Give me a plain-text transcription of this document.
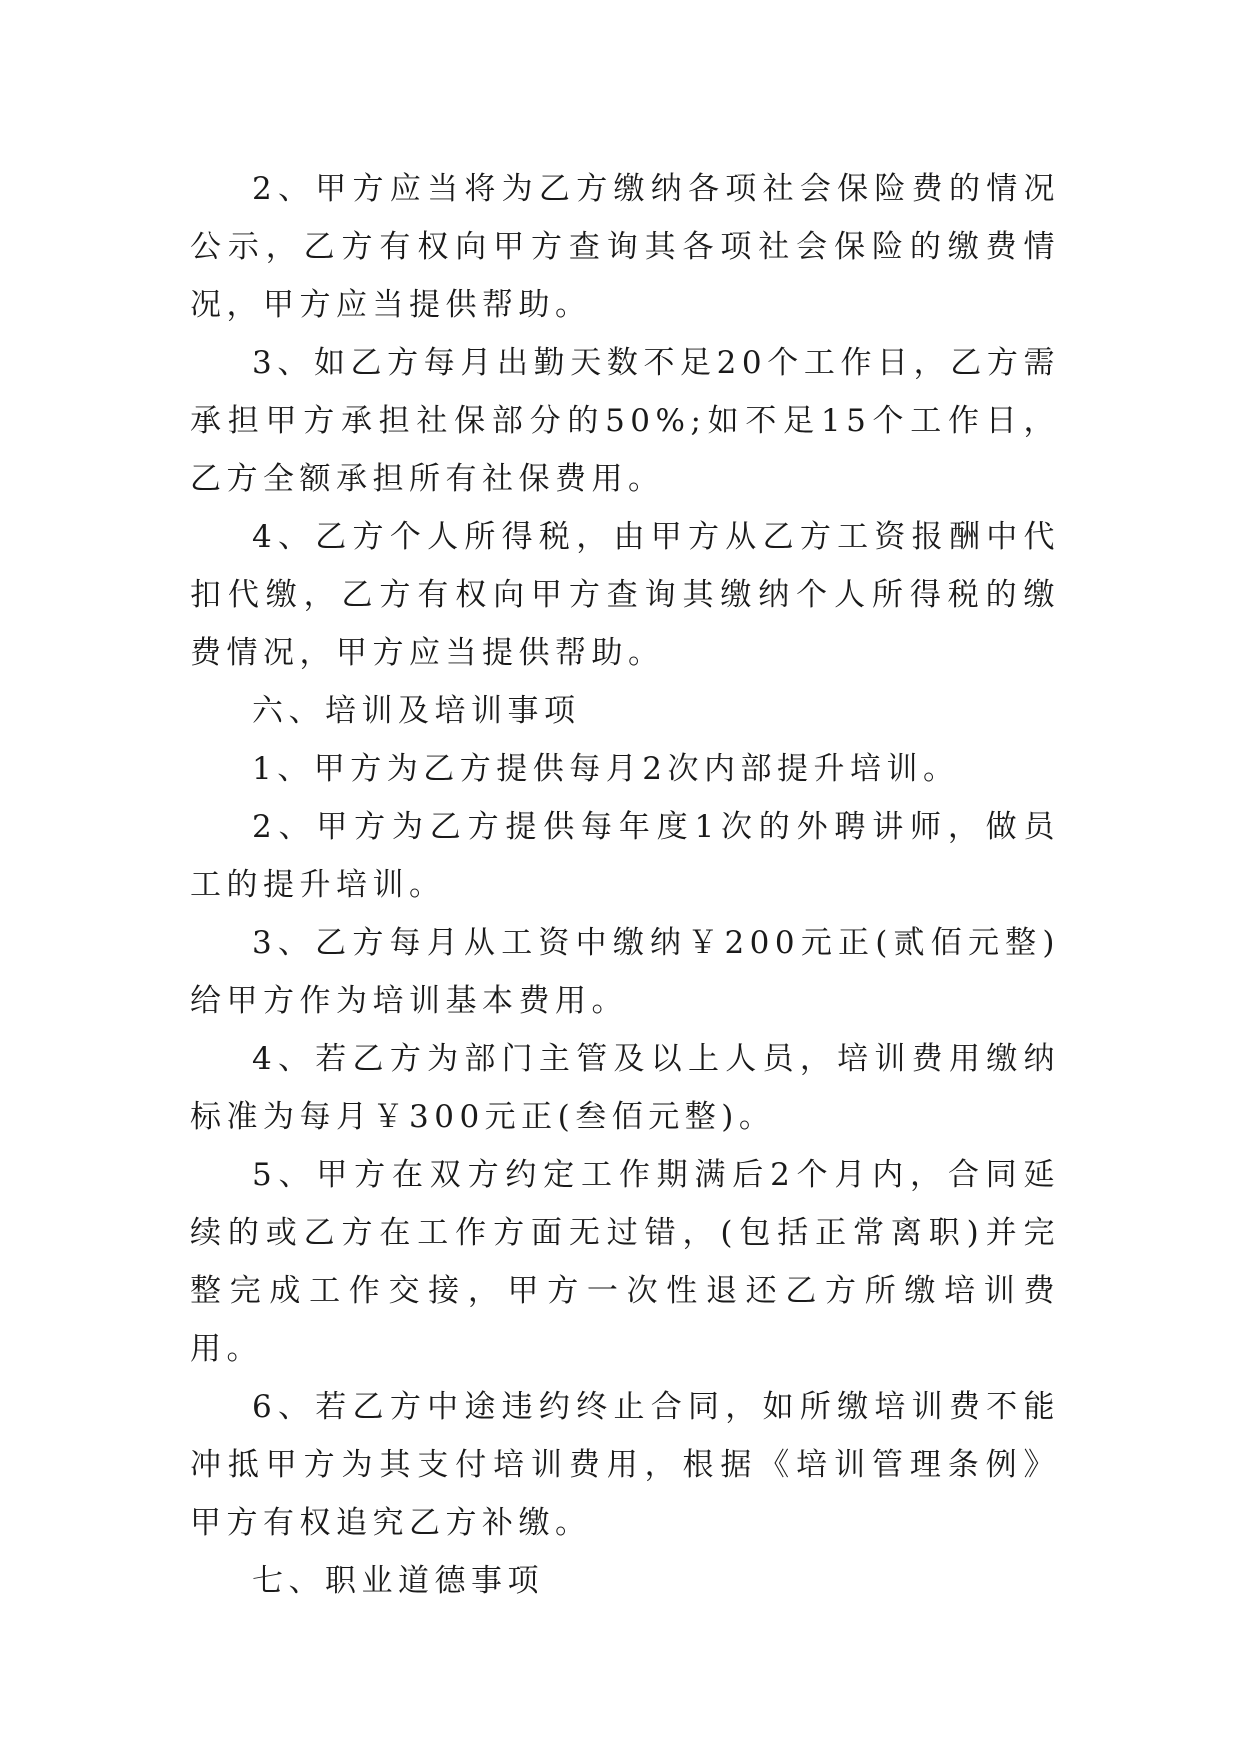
2、甲方应当将为乙方缴纳各项社会保险费的情况公示，乙方有权向甲方查询其各项社会保险的缴费情况，甲方应当提供帮助。

3、如乙方每月出勤天数不足20个工作日，乙方需承担甲方承担社保部分的50%;如不足15个工作日，乙方全额承担所有社保费用。

4、乙方个人所得税，由甲方从乙方工资报酬中代扣代缴，乙方有权向甲方查询其缴纳个人所得税的缴费情况，甲方应当提供帮助。

六、培训及培训事项

1、甲方为乙方提供每月2次内部提升培训。

2、甲方为乙方提供每年度1次的外聘讲师，做员工的提升培训。

3、乙方每月从工资中缴纳￥200元正(贰佰元整)给甲方作为培训基本费用。

4、若乙方为部门主管及以上人员，培训费用缴纳标准为每月￥300元正(叁佰元整)。

5、甲方在双方约定工作期满后2个月内，合同延续的或乙方在工作方面无过错，(包括正常离职)并完整完成工作交接，甲方一次性退还乙方所缴培训费用。

6、若乙方中途违约终止合同，如所缴培训费不能冲抵甲方为其支付培训费用，根据《培训管理条例》甲方有权追究乙方补缴。

七、职业道德事项
